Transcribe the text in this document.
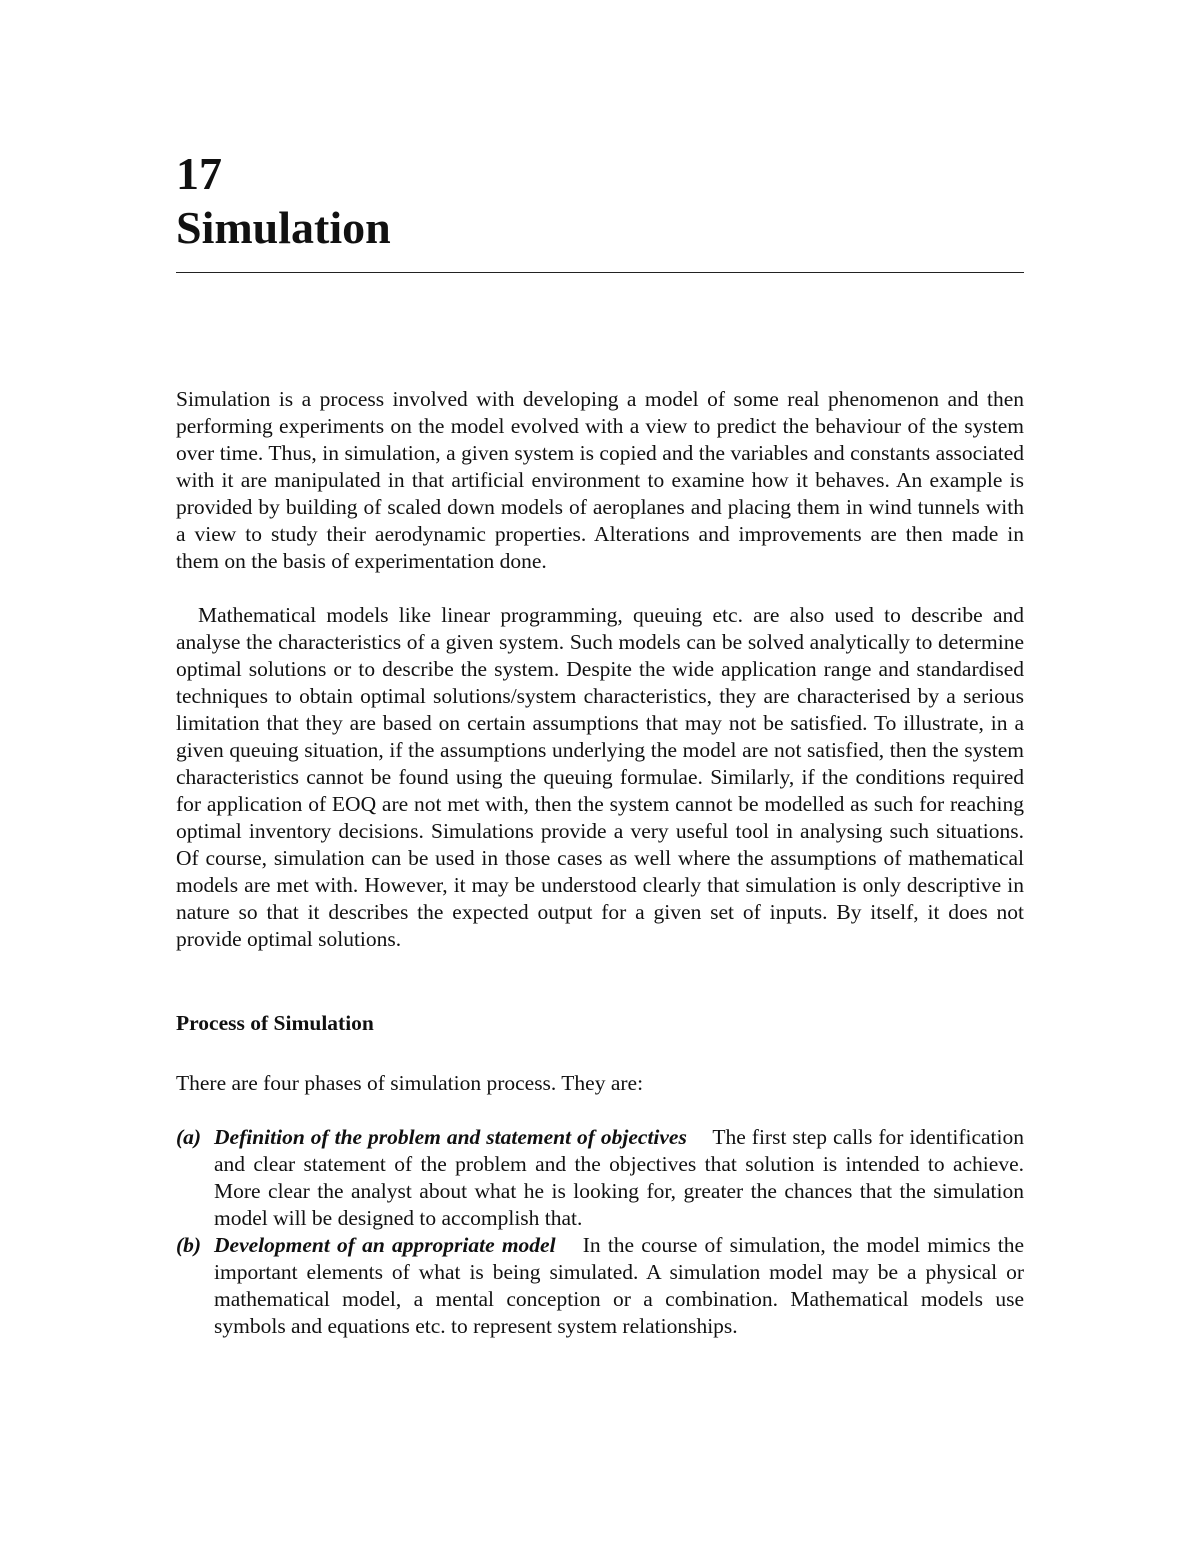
17
Simulation

Simulation is a process involved with developing a model of some real phenomenon and then performing experiments on the model evolved with a view to predict the behaviour of the system over time. Thus, in simulation, a given system is copied and the variables and constants associated with it are manipulated in that artificial environment to examine how it behaves. An example is provided by building of scaled down models of aeroplanes and placing them in wind tunnels with a view to study their aerodynamic properties. Alterations and improvements are then made in them on the basis of experimentation done.

Mathematical models like linear programming, queuing etc. are also used to describe and analyse the characteristics of a given system. Such models can be solved analytically to determine optimal solutions or to describe the system. Despite the wide application range and standardised techniques to obtain optimal solutions/system characteristics, they are characterised by a serious limitation that they are based on certain assumptions that may not be satisfied. To illustrate, in a given queuing situation, if the assumptions underlying the model are not satisfied, then the system characteristics cannot be found using the queuing formulae. Similarly, if the conditions required for application of EOQ are not met with, then the system cannot be modelled as such for reaching optimal inventory decisions. Simulations provide a very useful tool in analysing such situations. Of course, simulation can be used in those cases as well where the assumptions of mathematical models are met with. However, it may be understood clearly that simulation is only descriptive in nature so that it describes the expected output for a given set of inputs. By itself, it does not provide optimal solutions.

Process of Simulation
There are four phases of simulation process. They are:
(a) Definition of the problem and statement of objectives The first step calls for identification and clear statement of the problem and the objectives that solution is intended to achieve. More clear the analyst about what he is looking for, greater the chances that the simulation model will be designed to accomplish that.
(b) Development of an appropriate model In the course of simulation, the model mimics the important elements of what is being simulated. A simulation model may be a physical or mathematical model, a mental conception or a combination. Mathematical models use symbols and equations etc. to represent system relationships.
